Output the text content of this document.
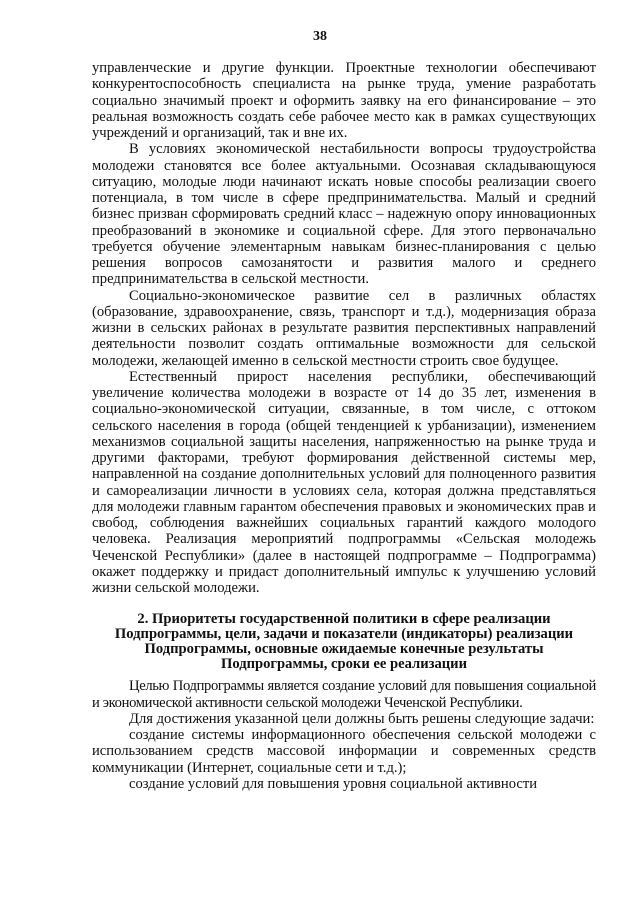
38

управленческие и другие функции. Проектные технологии обеспечивают конкурентоспособность специалиста на рынке труда, умение разработать социально значимый проект и оформить заявку на его финансирование – это реальная возможность создать себе рабочее место как в рамках существующих учреждений и организаций, так и вне их.

В условиях экономической нестабильности вопросы трудоустройства молодежи становятся все более актуальными. Осознавая складывающуюся ситуацию, молодые люди начинают искать новые способы реализации своего потенциала, в том числе в сфере предпринимательства. Малый и средний бизнес призван сформировать средний класс – надежную опору инновационных преобразований в экономике и социальной сфере. Для этого первоначально требуется обучение элементарным навыкам бизнес-планирования с целью решения вопросов самозанятости и развития малого и среднего предпринимательства в сельской местности.

Социально-экономическое развитие сел в различных областях (образование, здравоохранение, связь, транспорт и т.д.), модернизация образа жизни в сельских районах в результате развития перспективных направлений деятельности позволит создать оптимальные возможности для сельской молодежи, желающей именно в сельской местности строить свое будущее.

Естественный прирост населения республики, обеспечивающий увеличение количества молодежи в возрасте от 14 до 35 лет, изменения в социально-экономической ситуации, связанные, в том числе, с оттоком сельского населения в города (общей тенденцией к урбанизации), изменением механизмов социальной защиты населения, напряженностью на рынке труда и другими факторами, требуют формирования действенной системы мер, направленной на создание дополнительных условий для полноценного развития и самореализации личности в условиях села, которая должна представляться для молодежи главным гарантом обеспечения правовых и экономических прав и свобод, соблюдения важнейших социальных гарантий каждого молодого человека. Реализация мероприятий подпрограммы «Сельская молодежь Чеченской Республики» (далее в настоящей подпрограмме – Подпрограмма) окажет поддержку и придаст дополнительный импульс к улучшению условий жизни сельской молодежи.

2. Приоритеты государственной политики в сфере реализации Подпрограммы, цели, задачи и показатели (индикаторы) реализации Подпрограммы, основные ожидаемые конечные результаты Подпрограммы, сроки ее реализации

Целью Подпрограммы является создание условий для повышения социальной и экономической активности сельской молодежи Чеченской Республики.

Для достижения указанной цели должны быть решены следующие задачи:

создание системы информационного обеспечения сельской молодежи с использованием средств массовой информации и современных средств коммуникации (Интернет, социальные сети и т.д.);

создание условий для повышения уровня социальной активности
